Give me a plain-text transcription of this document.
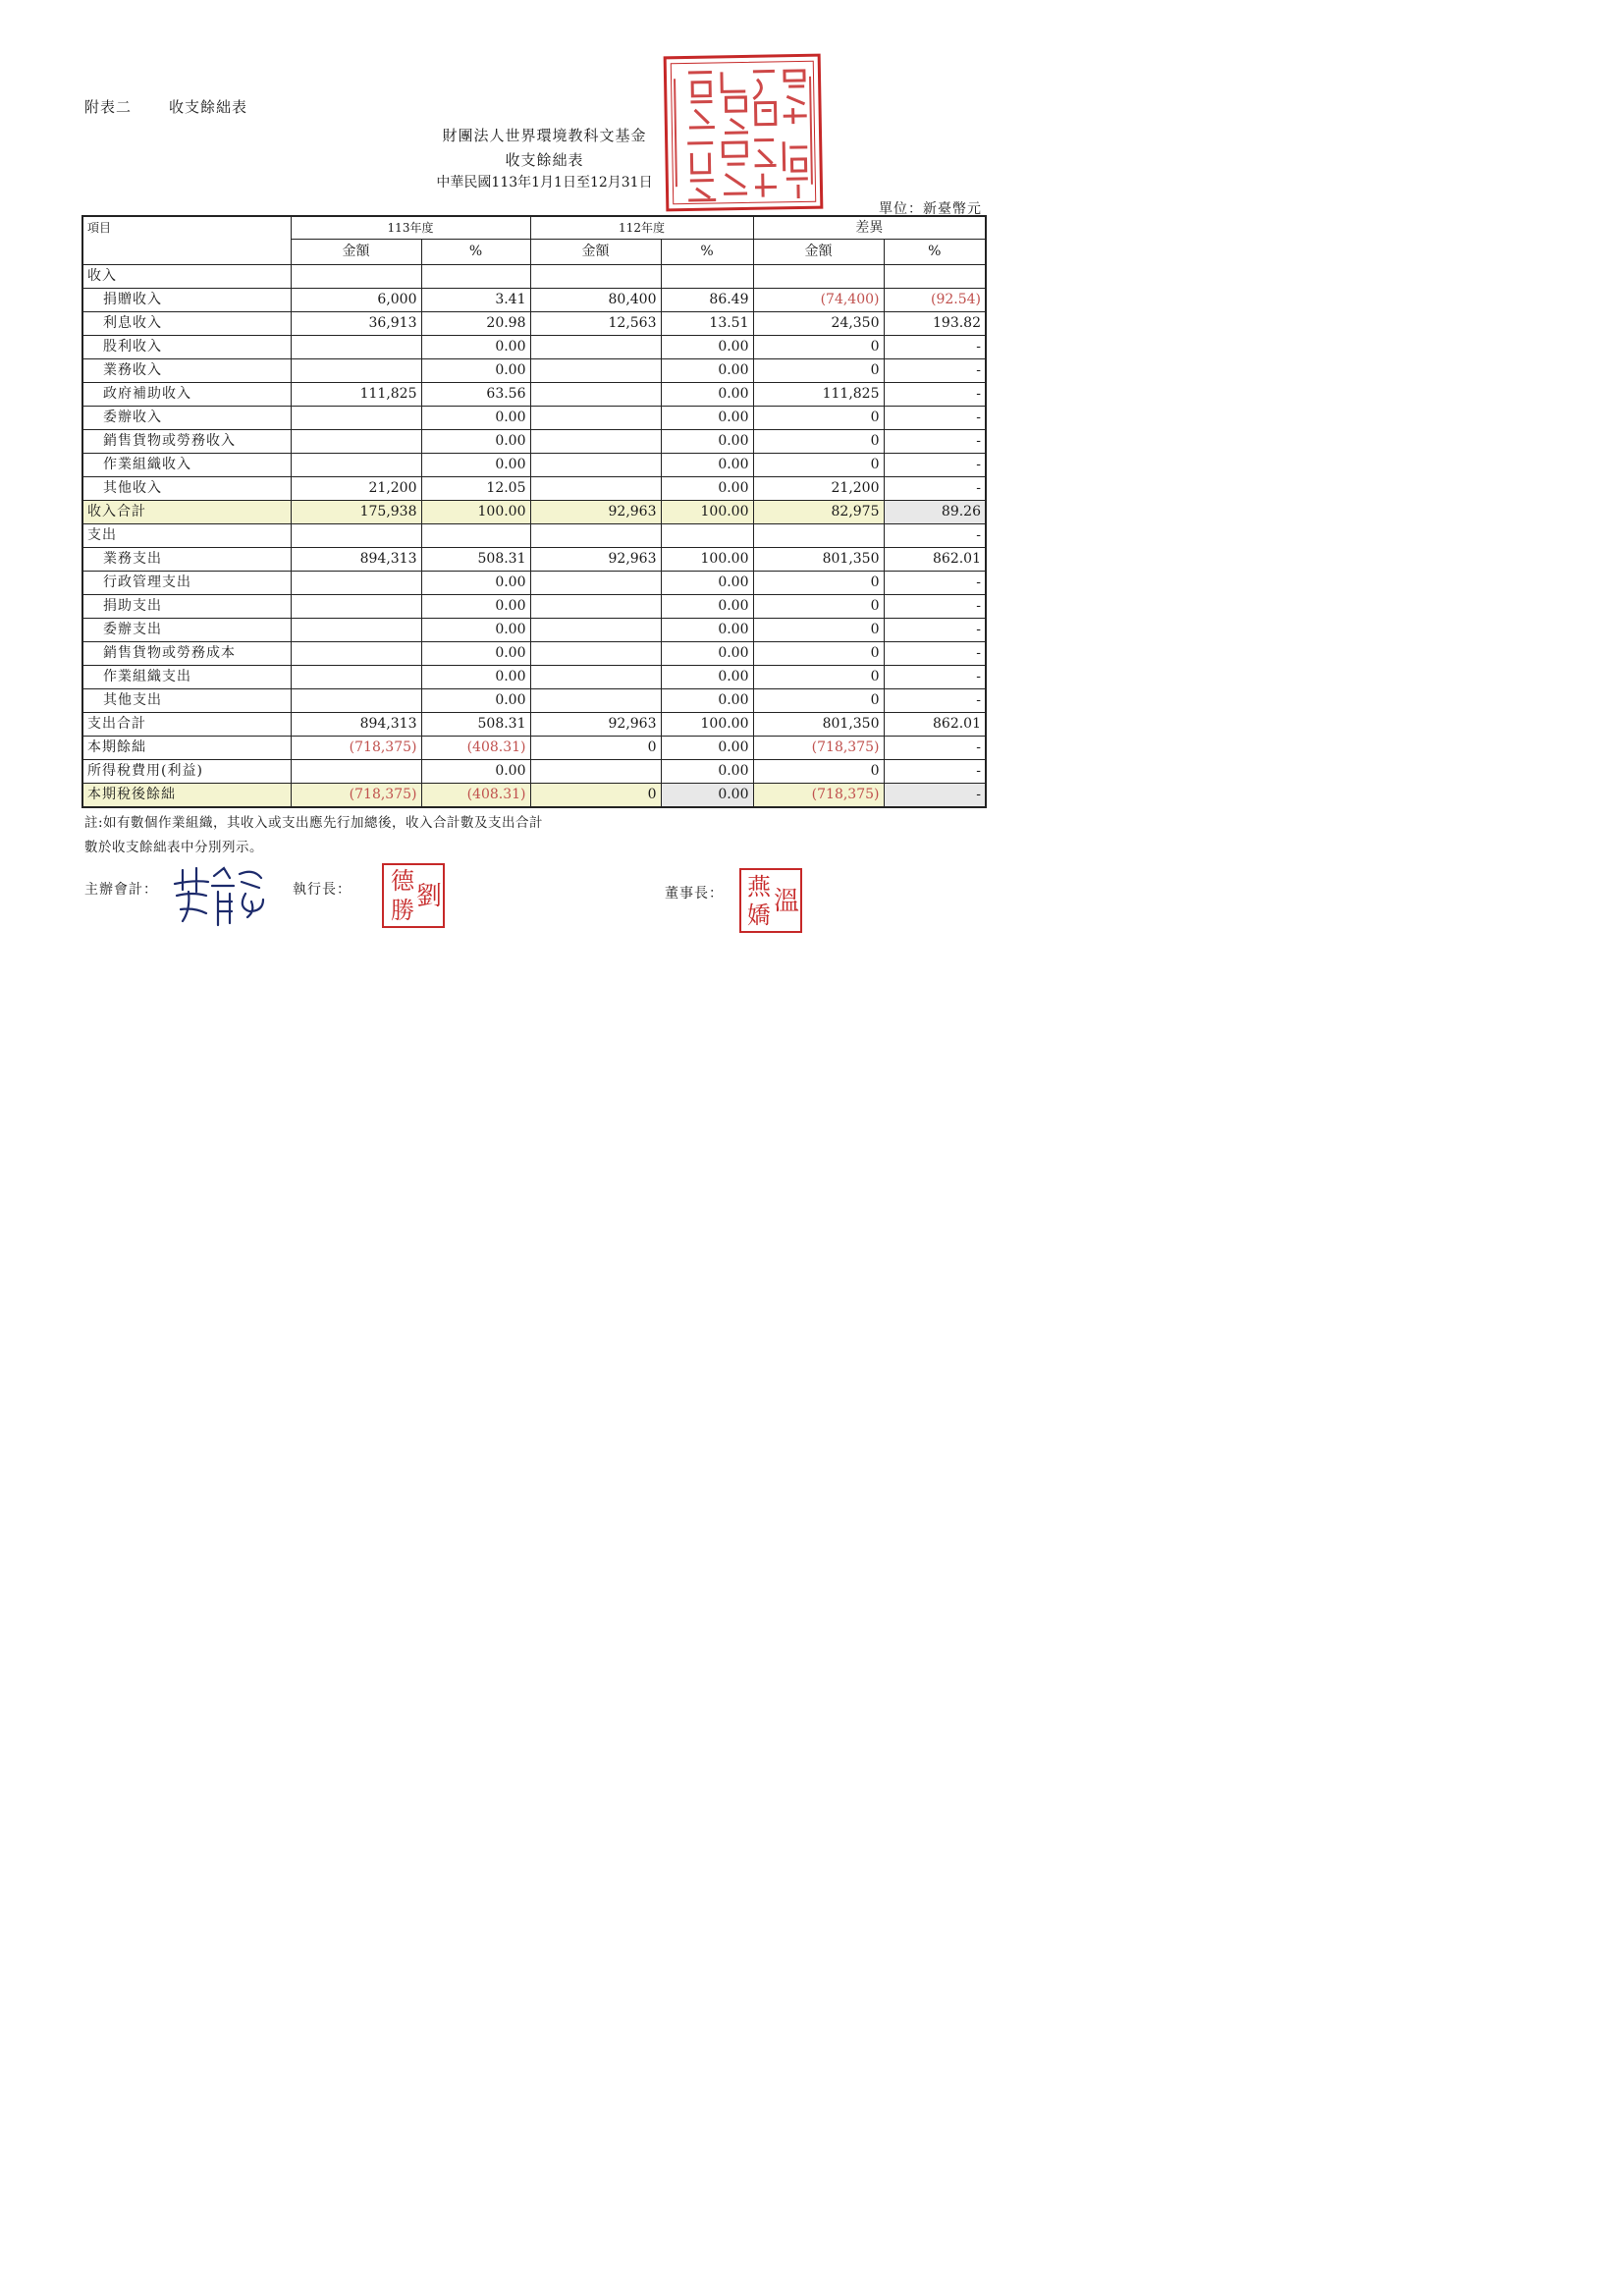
附表二	收支餘絀表
財團法人世界環境教科文基金
收支餘絀表
中華民國113年1月1日至12月31日
單位：新臺幣元
項目	113年度		112年度		差異	
	金額	%	金額	%	金額	%
收入						
捐贈收入	6,000	3.41	80,400	86.49	(74,400)	(92.54)
利息收入	36,913	20.98	12,563	13.51	24,350	193.82
股利收入		0.00		0.00	0	-
業務收入		0.00		0.00	0	-
政府補助收入	111,825	63.56		0.00	111,825	-
委辦收入		0.00		0.00	0	-
銷售貨物或勞務收入		0.00		0.00	0	-
作業組織收入		0.00		0.00	0	-
其他收入	21,200	12.05		0.00	21,200	-
收入合計	175,938	100.00	92,963	100.00	82,975	89.26
支出						-
業務支出	894,313	508.31	92,963	100.00	801,350	862.01
行政管理支出		0.00		0.00	0	-
捐助支出		0.00		0.00	0	-
委辦支出		0.00		0.00	0	-
銷售貨物或勞務成本		0.00		0.00	0	-
作業組織支出		0.00		0.00	0	-
其他支出		0.00		0.00	0	-
支出合計	894,313	508.31	92,963	100.00	801,350	862.01
本期餘絀	(718,375)	(408.31)	0	0.00	(718,375)	-
所得稅費用(利益)		0.00		0.00	0	-
本期稅後餘絀	(718,375)	(408.31)	0	0.00	(718,375)	-
註:如有數個作業組織，其收入或支出應先行加總後，收入合計數及支出合計
數於收支餘絀表中分別列示。
主辦會計：	執行長： 德
勝 劉	董事長： 燕
嬌 溫
